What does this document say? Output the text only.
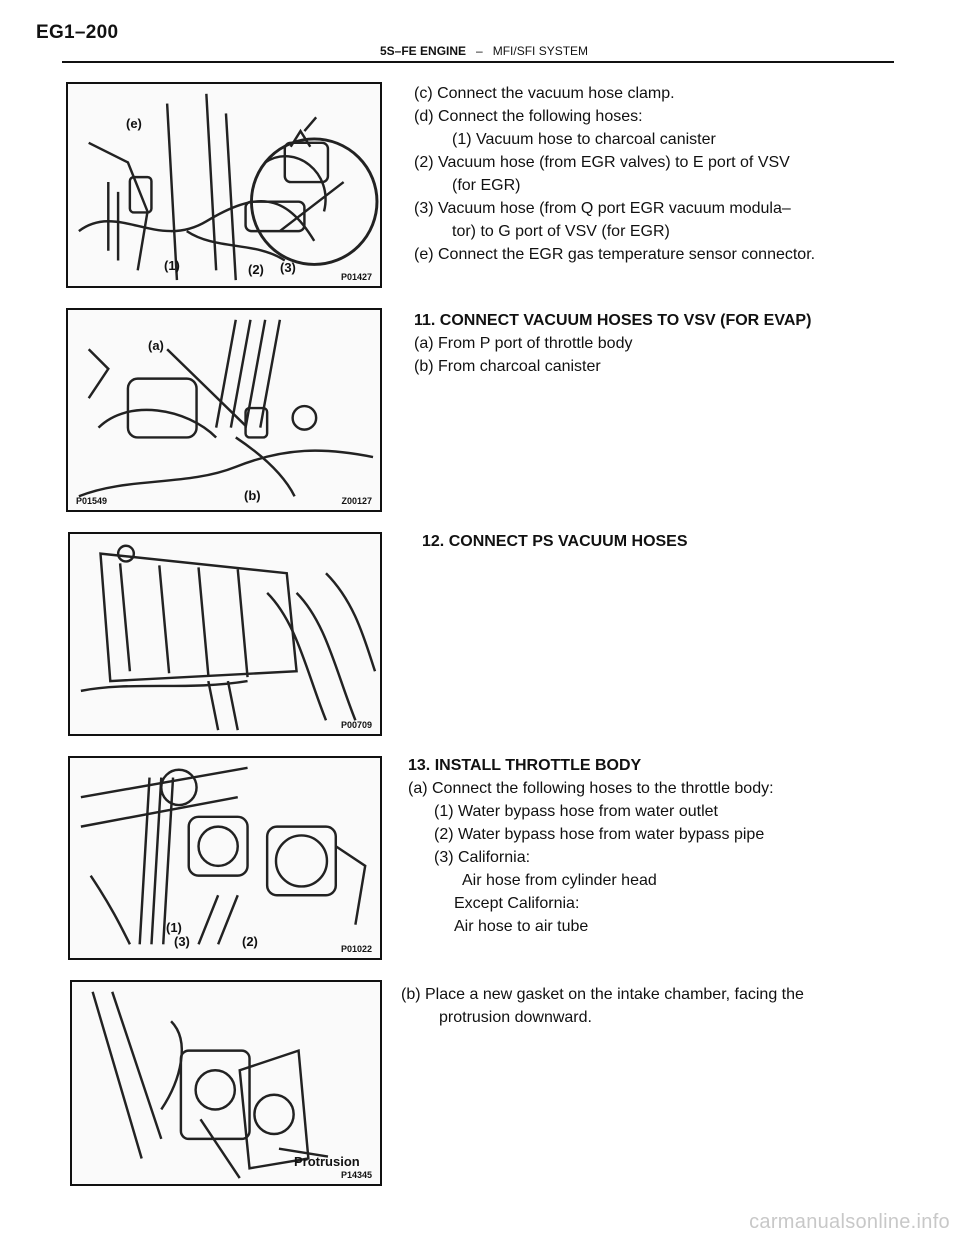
EG1–200
5S–FE ENGINE – MFI/SFI SYSTEM
(e)
(1)	(2) (3)
P01427
(c) Connect the vacuum hose clamp.
(d) Connect the following hoses:
(1) Vacuum hose to charcoal canister
(2) Vacuum hose (from EGR valves) to E port of VSV
(for EGR)
(3) Vacuum hose (from Q port EGR vacuum modula–
tor) to G port of VSV (for EGR)
(e) Connect the EGR gas temperature sensor connector.
(a)
(b)
P01549	Z00127
11. CONNECT VACUUM HOSES TO VSV (FOR EVAP)
(a) From P port of throttle body
(b) From charcoal canister
P00709
12. CONNECT PS VACUUM HOSES
(1)
(3)	(2)	P01022
13. INSTALL THROTTLE BODY
(a) Connect the following hoses to the throttle body:
(1) Water bypass hose from water outlet
(2) Water bypass hose from water bypass pipe
(3) California:
Air hose from cylinder head
Except California:
Air hose to air tube
Protrusion
P14345
(b) Place a new gasket on the intake chamber, facing the
protrusion downward.
carmanualsonline.info
